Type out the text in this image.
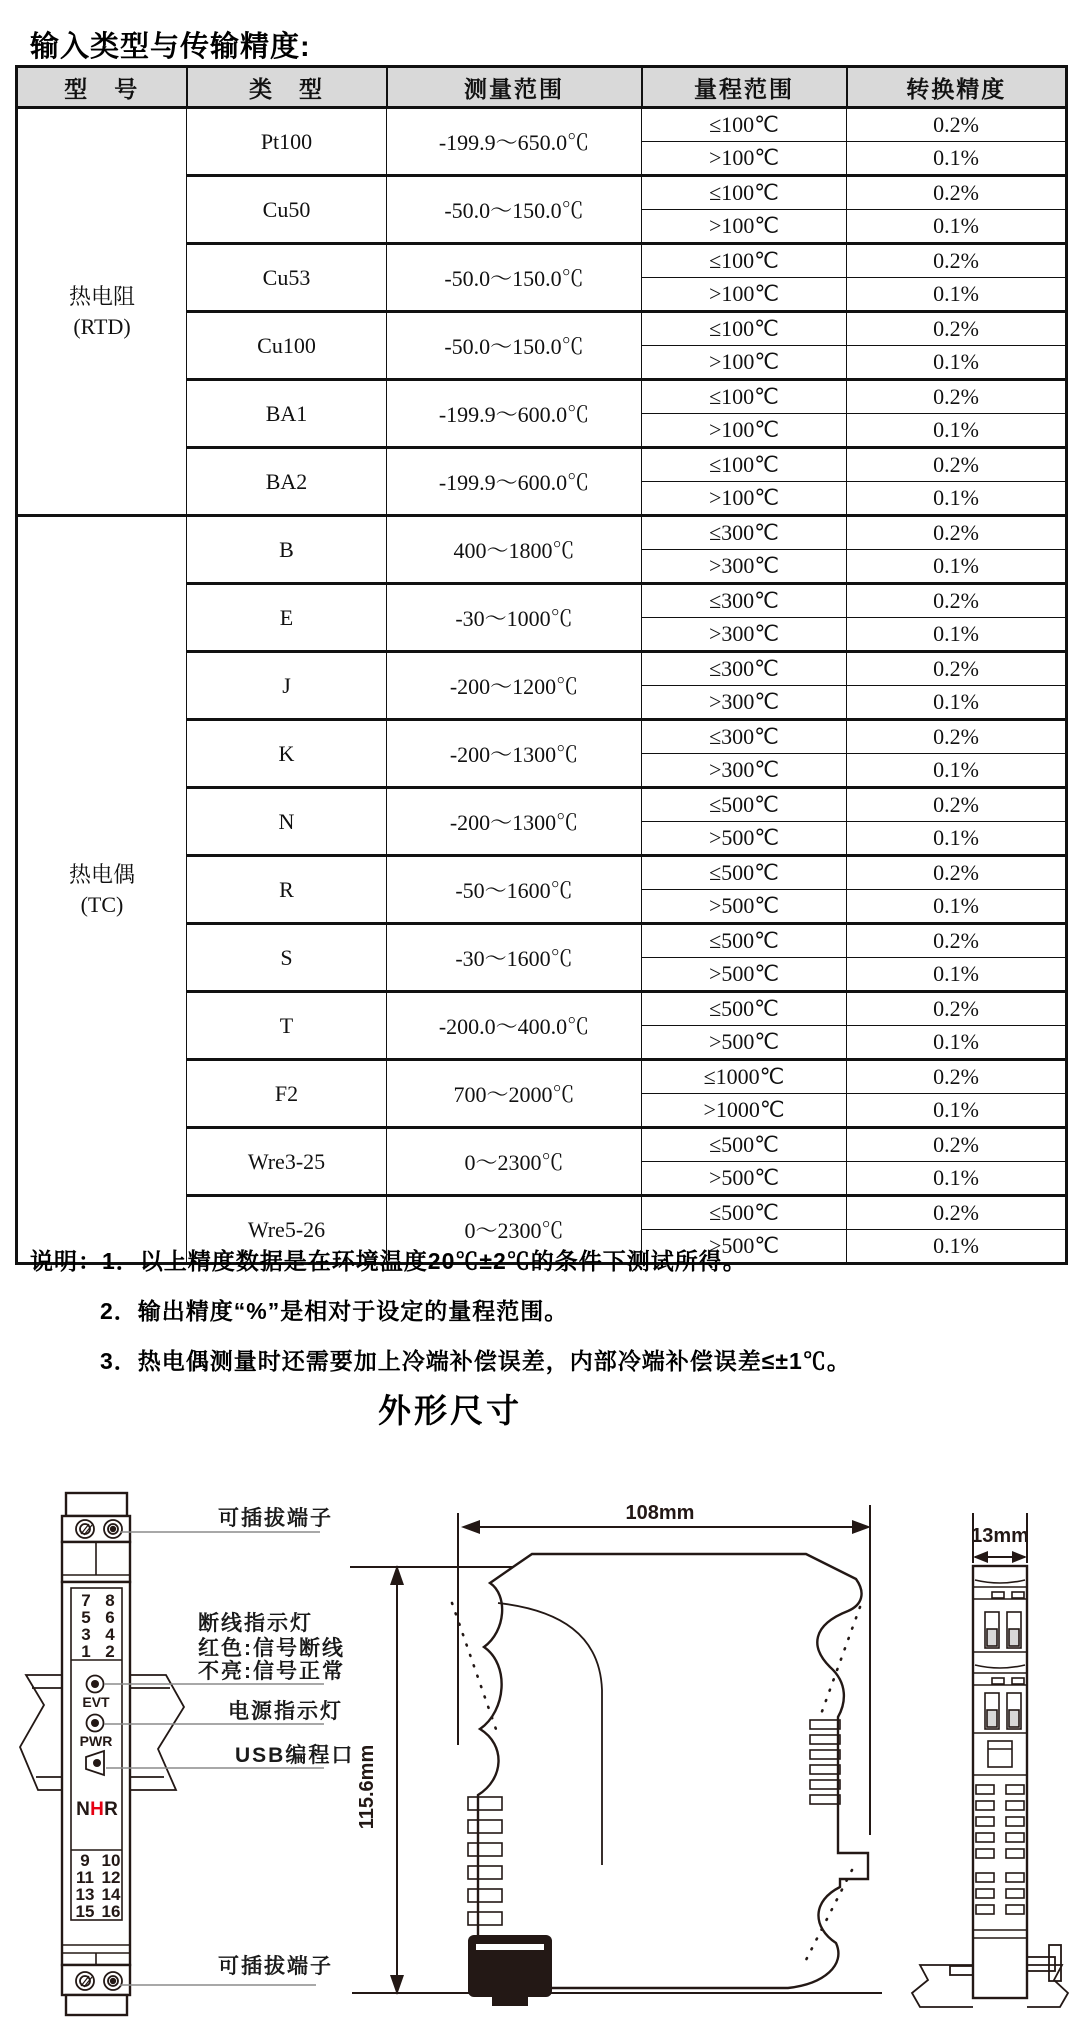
输入类型与传输精度:
型　号	类　型	测量范围	量程范围	转换精度

热电阻
(RTD)	Pt100	-199.9～650.0℃	≤100℃	0.2%
			>100℃	0.1%
	Cu50	-50.0～150.0℃	≤100℃	0.2%
			>100℃	0.1%
	Cu53	-50.0～150.0℃	≤100℃	0.2%
			>100℃	0.1%
	Cu100	-50.0～150.0℃	≤100℃	0.2%
			>100℃	0.1%
	BA1	-199.9～600.0℃	≤100℃	0.2%
			>100℃	0.1%
	BA2	-199.9～600.0℃	≤100℃	0.2%
			>100℃	0.1%

热电偶
(TC)	B	400～1800℃	≤300℃	0.2%
			>300℃	0.1%
	E	-30～1000℃	≤300℃	0.2%
			>300℃	0.1%
	J	-200～1200℃	≤300℃	0.2%
			>300℃	0.1%
	K	-200～1300℃	≤300℃	0.2%
			>300℃	0.1%
	N	-200～1300℃	≤500℃	0.2%
			>500℃	0.1%
	R	-50～1600℃	≤500℃	0.2%
			>500℃	0.1%
	S	-30～1600℃	≤500℃	0.2%
			>500℃	0.1%
	T	-200.0～400.0℃	≤500℃	0.2%
			>500℃	0.1%
	F2	700～2000℃	≤1000℃	0.2%
			>1000℃	0.1%
	Wre3-25	0～2300℃	≤500℃	0.2%
			>500℃	0.1%
	Wre5-26	0～2300℃	≤500℃	0.2%
			>500℃	0.1%
说明：1．以上精度数据是在环境温度20℃±2℃的条件下测试所得。
2．输出精度“%”是相对于设定的量程范围。
3．热电偶测量时还需要加上冷端补偿误差，内部冷端补偿误差≤±1℃。
外形尺寸
7 8
5 6
3 4
1 2
EVT
PWR
N H R
9 10
11 12
13 14
15 16
可插拔端子
断线指示灯
红色:信号断线
不亮:信号正常
电源指示灯
USB编程口
可插拔端子
108mm
115.6mm
13mm
